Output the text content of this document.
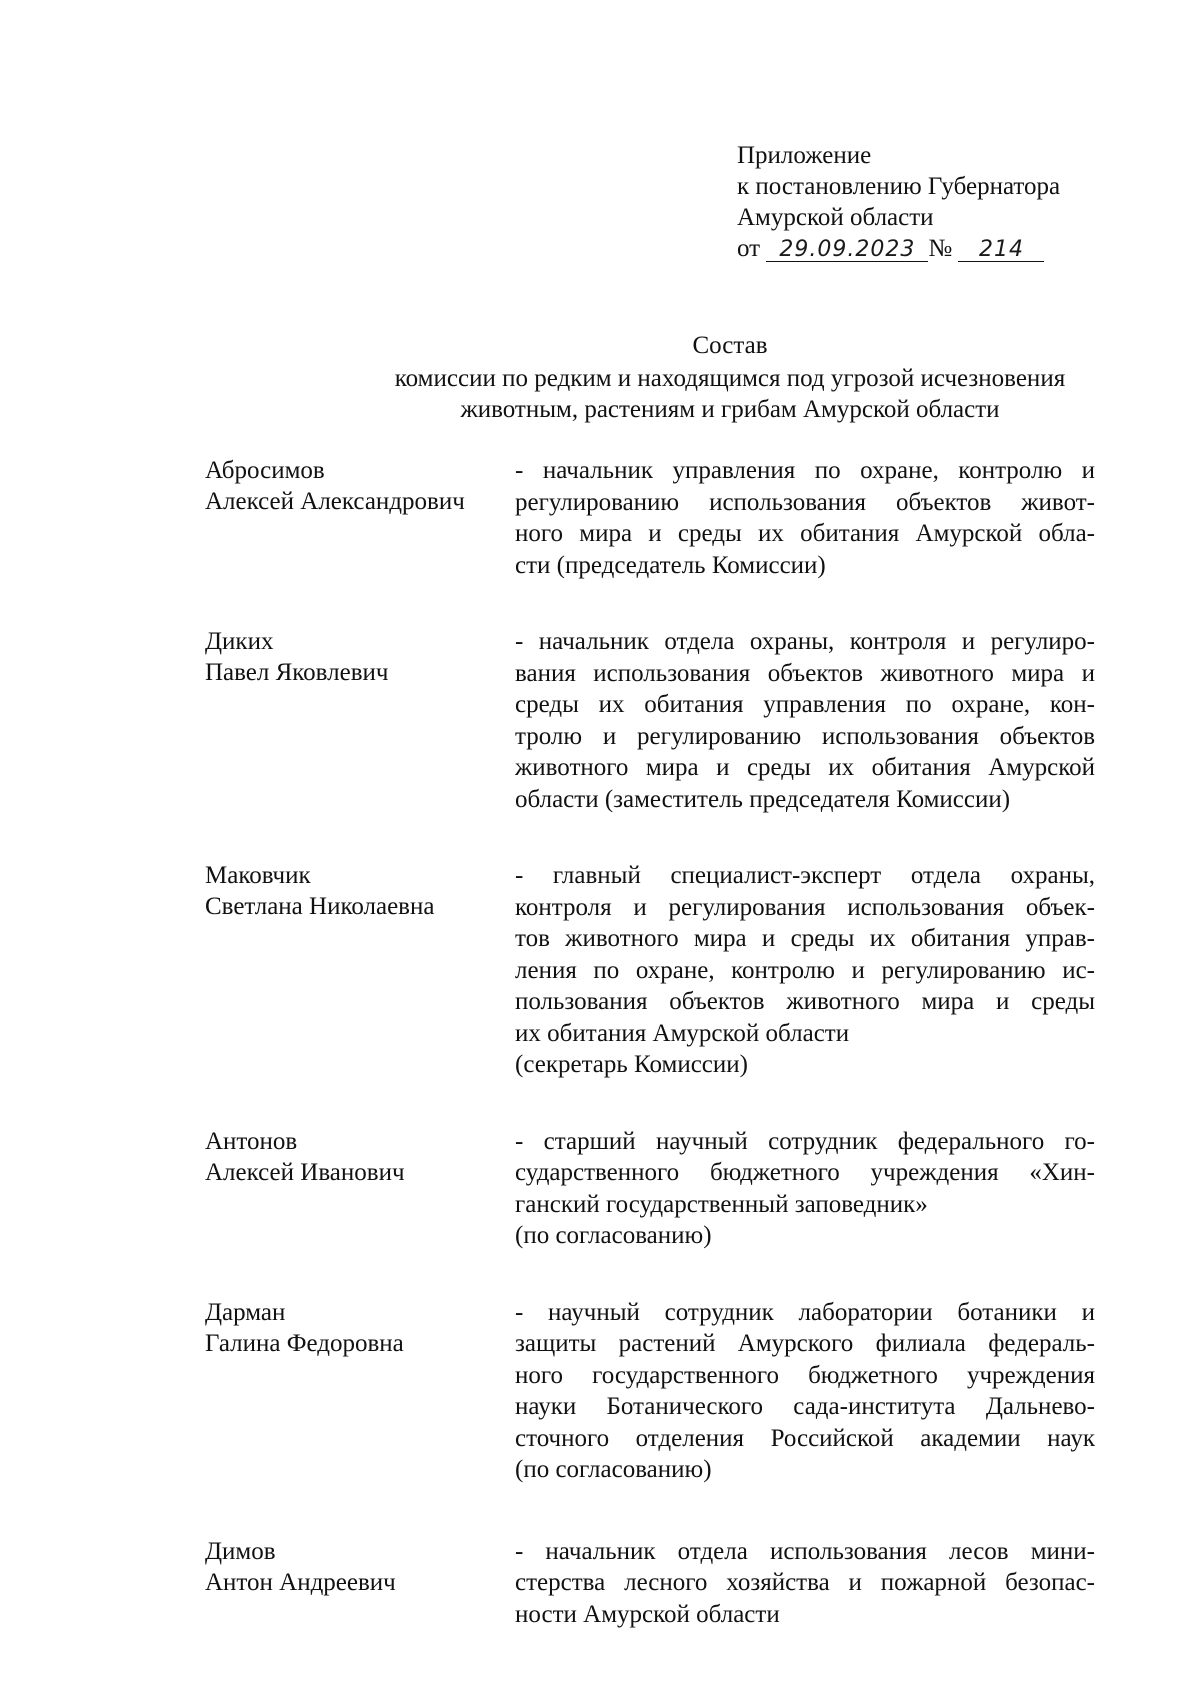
Приложение
к постановлению Губернатора
Амурской области
от 29.09.2023 № 214
Состав
комиссии по редким и находящимся под угрозой исчезновения
животным, растениям и грибам Амурской области
Абросимов
Алексей Александрович
- начальник управления по охране, контролю и
регулированию использования объектов живот-
ного мира и среды их обитания Амурской обла-
сти (председатель Комиссии)
Диких
Павел Яковлевич
- начальник отдела охраны, контроля и регулиро-
вания использования объектов животного мира и
среды их обитания управления по охране, кон-
тролю и регулированию использования объектов
животного мира и среды их обитания Амурской
области (заместитель председателя Комиссии)
Маковчик
Светлана Николаевна
- главный специалист-эксперт отдела охраны,
контроля и регулирования использования объек-
тов животного мира и среды их обитания управ-
ления по охране, контролю и регулированию ис-
пользования объектов животного мира и среды
их обитания Амурской области
(секретарь Комиссии)
Антонов
Алексей Иванович
- старший научный сотрудник федерального го-
сударственного бюджетного учреждения «Хин-
ганский государственный заповедник»
(по согласованию)
Дарман
Галина Федоровна
- научный сотрудник лаборатории ботаники и
защиты растений Амурского филиала федераль-
ного государственного бюджетного учреждения
науки Ботанического сада-института Дальнево-
сточного отделения Российской академии наук
(по согласованию)
Димов
Антон Андреевич
- начальник отдела использования лесов мини-
стерства лесного хозяйства и пожарной безопас-
ности Амурской области
